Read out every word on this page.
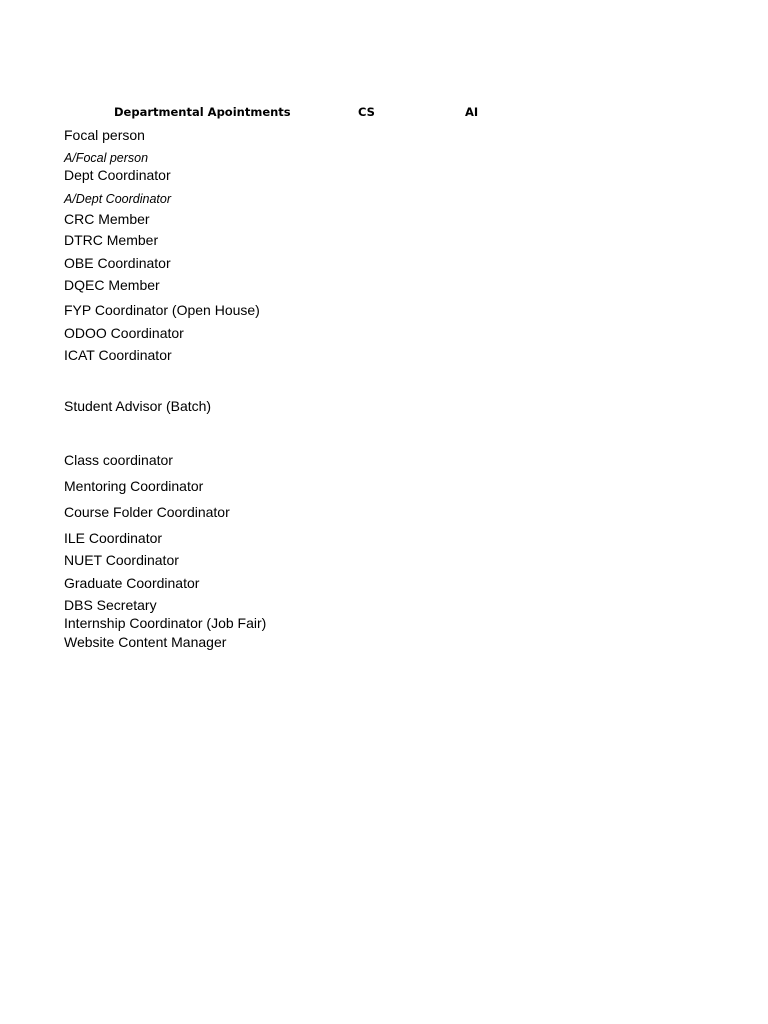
Departmental Apointments	CS	AI
Focal person
A/Focal person
Dept Coordinator
A/Dept Coordinator
CRC Member
DTRC Member
OBE Coordinator
DQEC Member
FYP Coordinator (Open House)
ODOO Coordinator
ICAT Coordinator
Student Advisor (Batch)
Class coordinator
Mentoring Coordinator
Course Folder Coordinator
ILE Coordinator
NUET Coordinator
Graduate Coordinator
DBS Secretary
Internship Coordinator (Job Fair)
Website Content Manager
